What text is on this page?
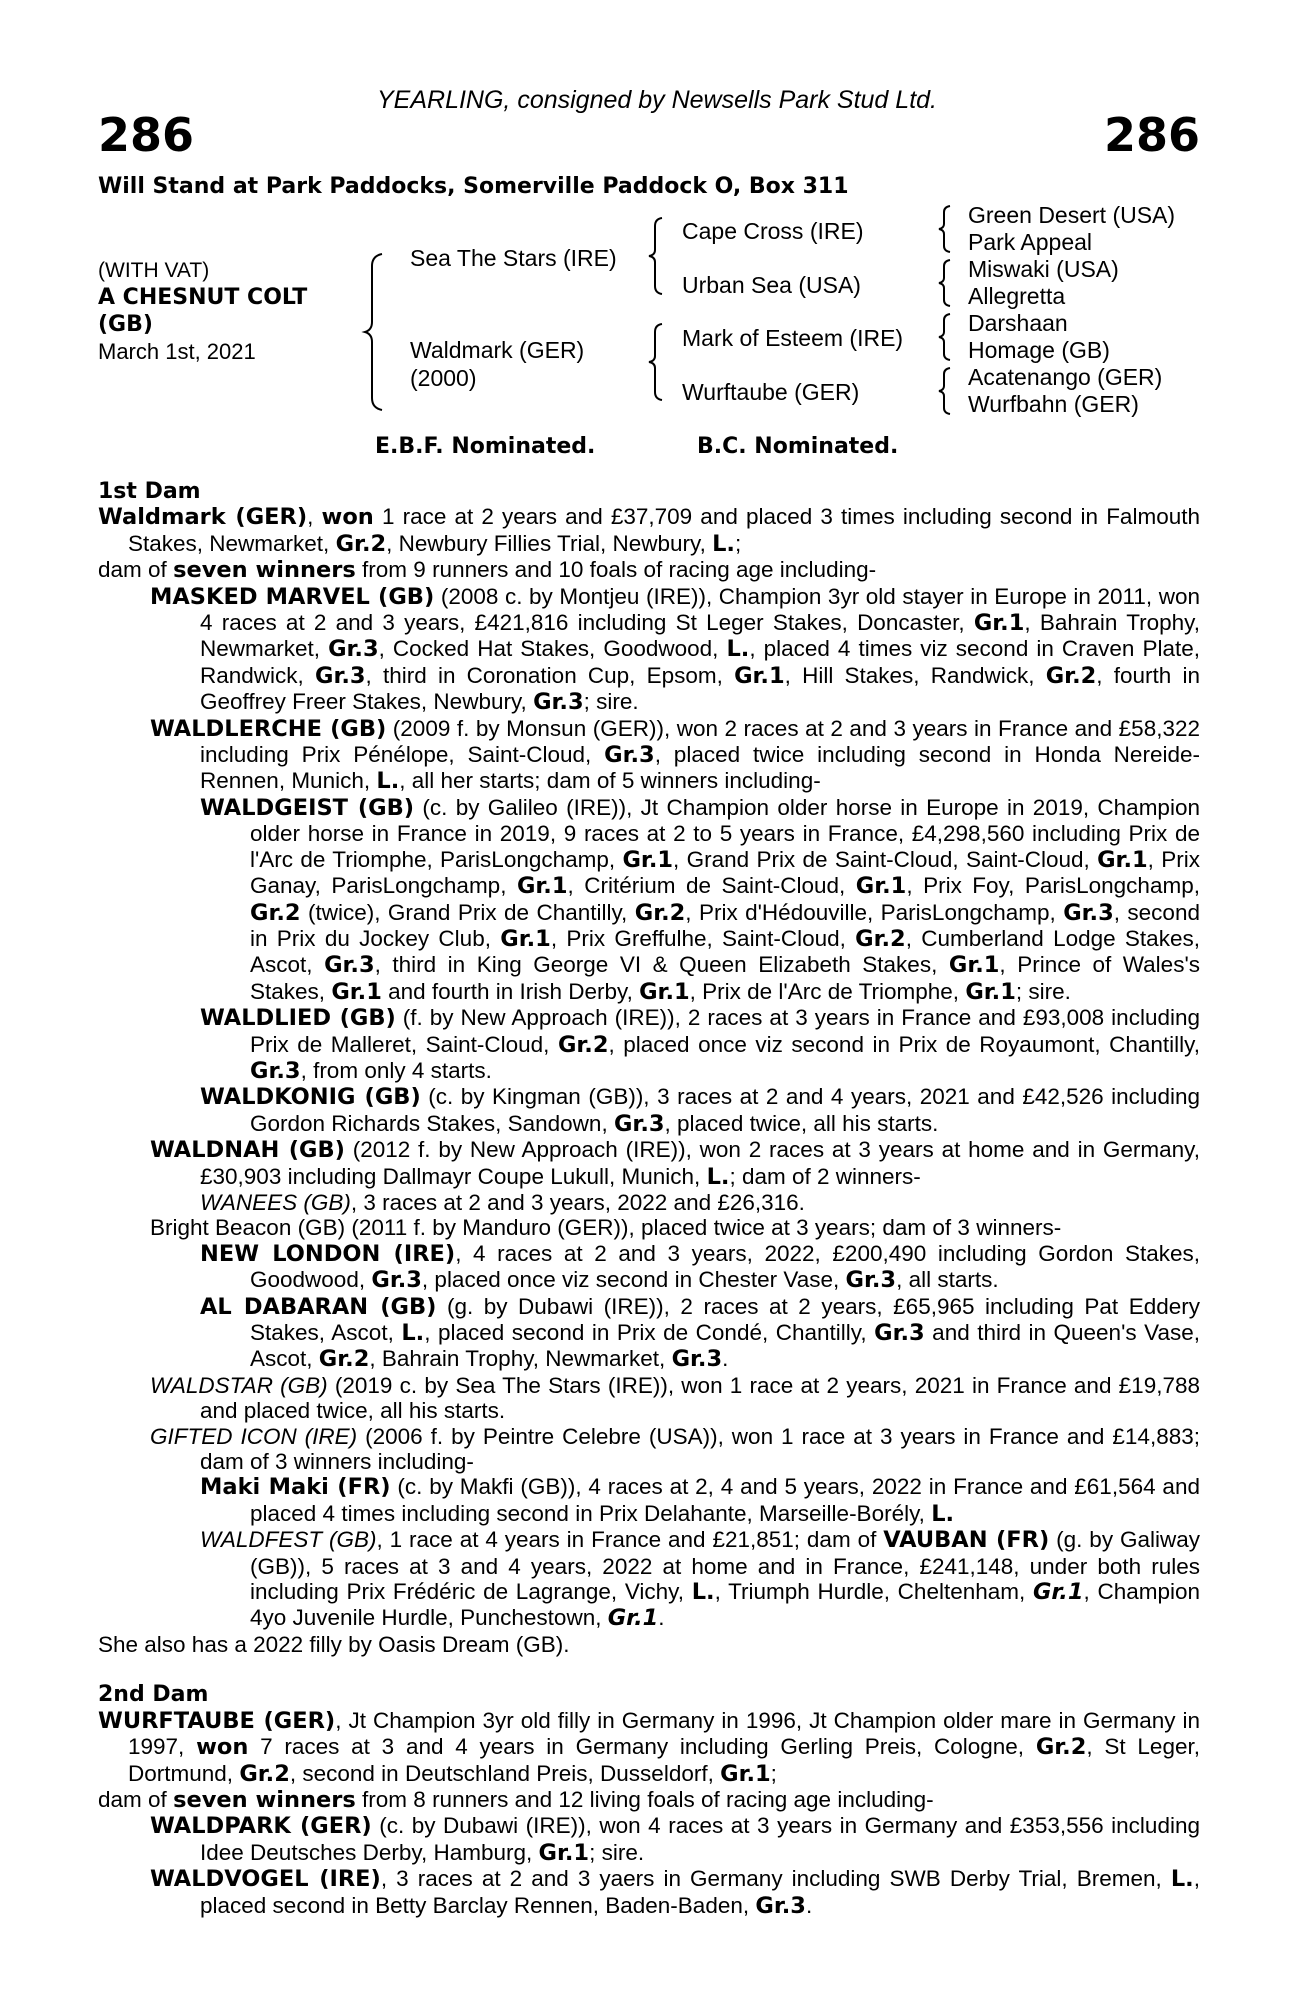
YEARLING, consigned by Newsells Park Stud Ltd.
286	286
Will Stand at Park Paddocks, Somerville Paddock O, Box 311
(WITH VAT)
A CHESNUT COLT
(GB)
March 1st, 2021
Sea The Stars (IRE)
Waldmark (GER)
(2000)
Cape Cross (IRE)
Urban Sea (USA)
Mark of Esteem (IRE)
Wurftaube (GER)
Green Desert (USA)
Park Appeal
Miswaki (USA)
Allegretta
Darshaan
Homage (GB)
Acatenango (GER)
Wurfbahn (GER)
E.B.F. Nominated.	B.C. Nominated.
1st Dam
Waldmark (GER), won 1 race at 2 years and £37,709 and placed 3 times including second in Falmouth Stakes, Newmarket, Gr.2, Newbury Fillies Trial, Newbury, L.;
dam of seven winners from 9 runners and 10 foals of racing age including-
MASKED MARVEL (GB) (2008 c. by Montjeu (IRE)), Champion 3yr old stayer in Europe in 2011, won 4 races at 2 and 3 years, £421,816 including St Leger Stakes, Doncaster, Gr.1, Bahrain Trophy, Newmarket, Gr.3, Cocked Hat Stakes, Goodwood, L., placed 4 times viz second in Craven Plate, Randwick, Gr.3, third in Coronation Cup, Epsom, Gr.1, Hill Stakes, Randwick, Gr.2, fourth in Geoffrey Freer Stakes, Newbury, Gr.3; sire.
WALDLERCHE (GB) (2009 f. by Monsun (GER)), won 2 races at 2 and 3 years in France and £58,322 including Prix Pénélope, Saint-Cloud, Gr.3, placed twice including second in Honda Nereide-Rennen, Munich, L., all her starts; dam of 5 winners including-
WALDGEIST (GB) (c. by Galileo (IRE)), Jt Champion older horse in Europe in 2019, Champion older horse in France in 2019, 9 races at 2 to 5 years in France, £4,298,560 including Prix de l'Arc de Triomphe, ParisLongchamp, Gr.1, Grand Prix de Saint-Cloud, Saint-Cloud, Gr.1, Prix Ganay, ParisLongchamp, Gr.1, Critérium de Saint-Cloud, Gr.1, Prix Foy, ParisLongchamp, Gr.2 (twice), Grand Prix de Chantilly, Gr.2, Prix d'Hédouville, ParisLongchamp, Gr.3, second in Prix du Jockey Club, Gr.1, Prix Greffulhe, Saint-Cloud, Gr.2, Cumberland Lodge Stakes, Ascot, Gr.3, third in King George VI & Queen Elizabeth Stakes, Gr.1, Prince of Wales's Stakes, Gr.1 and fourth in Irish Derby, Gr.1, Prix de l'Arc de Triomphe, Gr.1; sire.
WALDLIED (GB) (f. by New Approach (IRE)), 2 races at 3 years in France and £93,008 including Prix de Malleret, Saint-Cloud, Gr.2, placed once viz second in Prix de Royaumont, Chantilly, Gr.3, from only 4 starts.
WALDKONIG (GB) (c. by Kingman (GB)), 3 races at 2 and 4 years, 2021 and £42,526 including Gordon Richards Stakes, Sandown, Gr.3, placed twice, all his starts.
WALDNAH (GB) (2012 f. by New Approach (IRE)), won 2 races at 3 years at home and in Germany, £30,903 including Dallmayr Coupe Lukull, Munich, L.; dam of 2 winners-
WANEES (GB), 3 races at 2 and 3 years, 2022 and £26,316.
Bright Beacon (GB) (2011 f. by Manduro (GER)), placed twice at 3 years; dam of 3 winners-
NEW LONDON (IRE), 4 races at 2 and 3 years, 2022, £200,490 including Gordon Stakes, Goodwood, Gr.3, placed once viz second in Chester Vase, Gr.3, all starts.
AL DABARAN (GB) (g. by Dubawi (IRE)), 2 races at 2 years, £65,965 including Pat Eddery Stakes, Ascot, L., placed second in Prix de Condé, Chantilly, Gr.3 and third in Queen's Vase, Ascot, Gr.2, Bahrain Trophy, Newmarket, Gr.3.
WALDSTAR (GB) (2019 c. by Sea The Stars (IRE)), won 1 race at 2 years, 2021 in France and £19,788 and placed twice, all his starts.
GIFTED ICON (IRE) (2006 f. by Peintre Celebre (USA)), won 1 race at 3 years in France and £14,883; dam of 3 winners including-
Maki Maki (FR) (c. by Makfi (GB)), 4 races at 2, 4 and 5 years, 2022 in France and £61,564 and placed 4 times including second in Prix Delahante, Marseille-Borély, L.
WALDFEST (GB), 1 race at 4 years in France and £21,851; dam of VAUBAN (FR) (g. by Galiway (GB)), 5 races at 3 and 4 years, 2022 at home and in France, £241,148, under both rules including Prix Frédéric de Lagrange, Vichy, L., Triumph Hurdle, Cheltenham, Gr.1, Champion 4yo Juvenile Hurdle, Punchestown, Gr.1.
She also has a 2022 filly by Oasis Dream (GB).
2nd Dam
WURFTAUBE (GER), Jt Champion 3yr old filly in Germany in 1996, Jt Champion older mare in Germany in 1997, won 7 races at 3 and 4 years in Germany including Gerling Preis, Cologne, Gr.2, St Leger, Dortmund, Gr.2, second in Deutschland Preis, Dusseldorf, Gr.1;
dam of seven winners from 8 runners and 12 living foals of racing age including-
WALDPARK (GER) (c. by Dubawi (IRE)), won 4 races at 3 years in Germany and £353,556 including Idee Deutsches Derby, Hamburg, Gr.1; sire.
WALDVOGEL (IRE), 3 races at 2 and 3 yaers in Germany including SWB Derby Trial, Bremen, L., placed second in Betty Barclay Rennen, Baden-Baden, Gr.3.
